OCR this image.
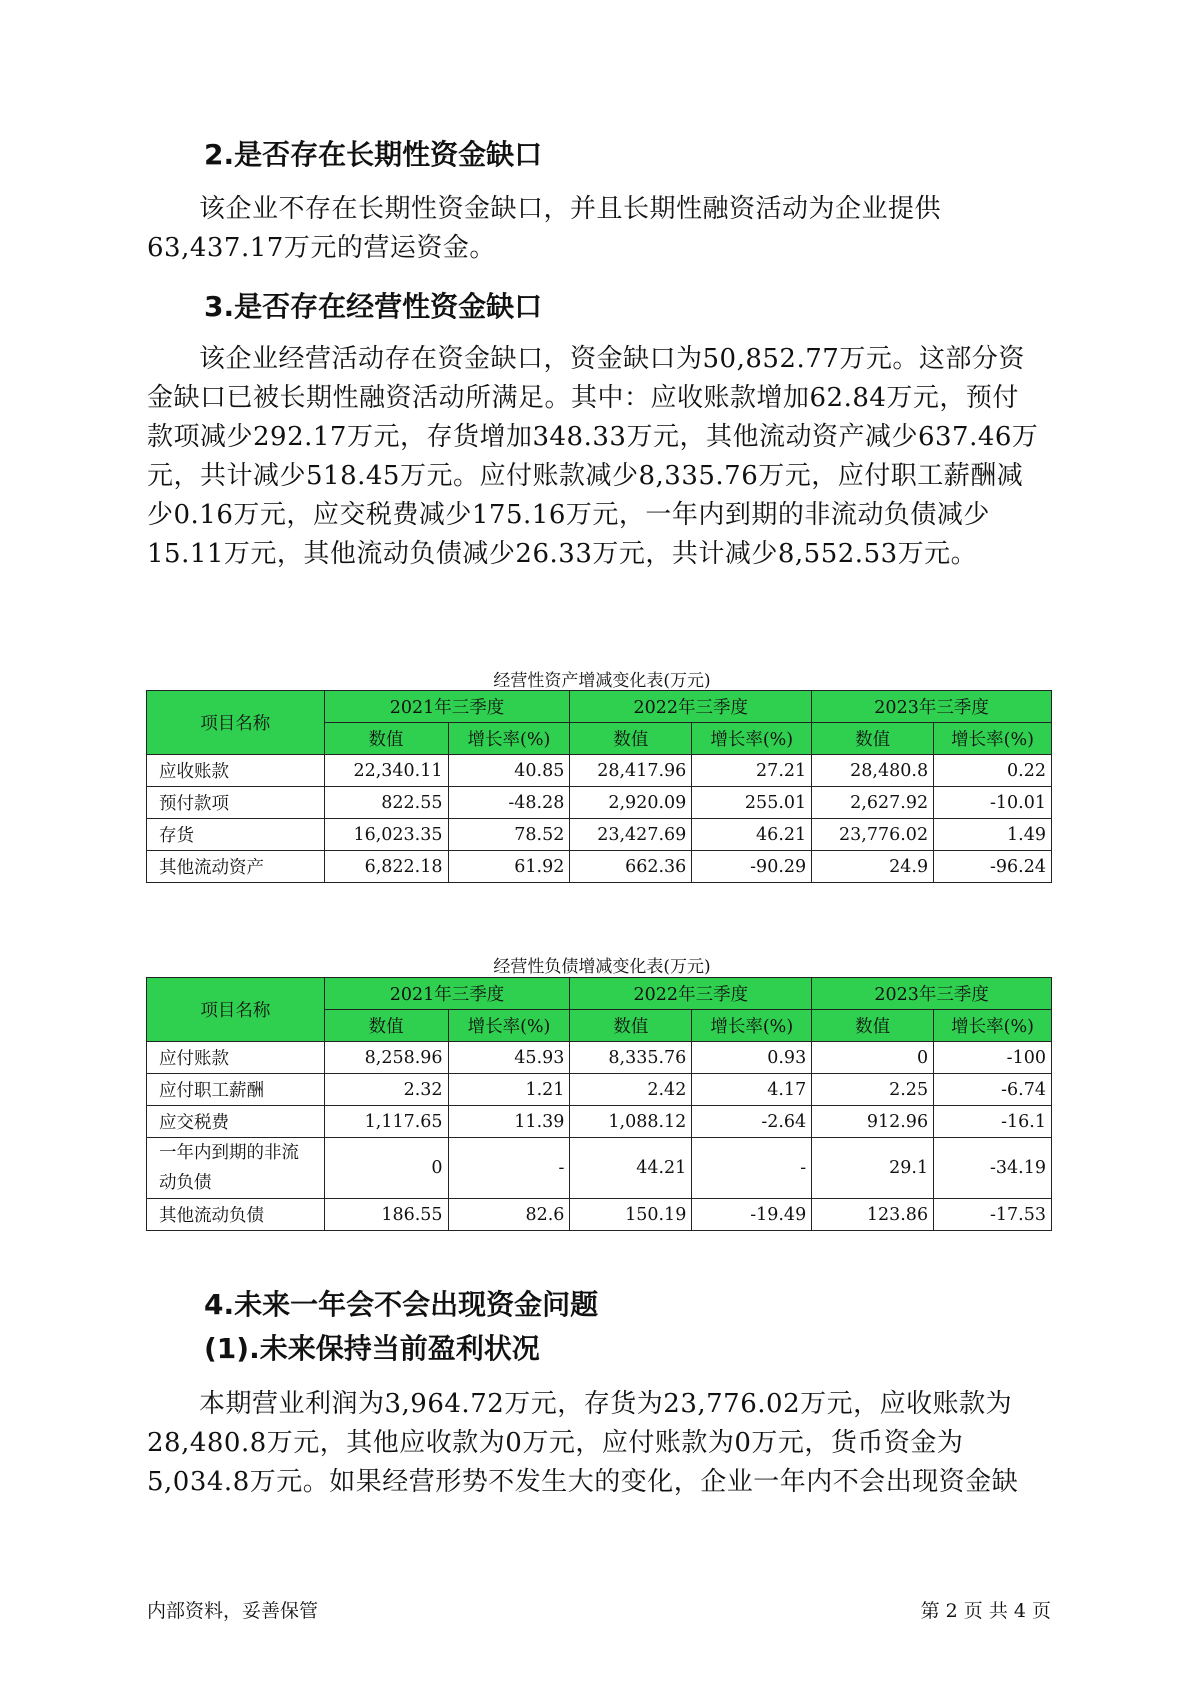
2.是否存在长期性资金缺口

该企业不存在长期性资金缺口，并且长期性融资活动为企业提供
63,437.17万元的营运资金。

3.是否存在经营性资金缺口

该企业经营活动存在资金缺口，资金缺口为50,852.77万元。这部分资
金缺口已被长期性融资活动所满足。其中：应收账款增加62.84万元，预付
款项减少292.17万元，存货增加348.33万元，其他流动资产减少637.46万
元，共计减少518.45万元。应付账款减少8,335.76万元，应付职工薪酬减
少0.16万元，应交税费减少175.16万元，一年内到期的非流动负债减少
15.11万元，其他流动负债减少26.33万元，共计减少8,552.53万元。

经营性资产增减变化表(万元)
项目名称	2021年三季度		2022年三季度		2023年三季度	
	数值	增长率(%)	数值	增长率(%)	数值	增长率(%)
应收账款	22,340.11	40.85	28,417.96	27.21	28,480.8	0.22
预付款项	822.55	-48.28	2,920.09	255.01	2,627.92	-10.01
存货	16,023.35	78.52	23,427.69	46.21	23,776.02	1.49
其他流动资产	6,822.18	61.92	662.36	-90.29	24.9	-96.24
经营性负债增减变化表(万元)
项目名称	2021年三季度		2022年三季度		2023年三季度	
	数值	增长率(%)	数值	增长率(%)	数值	增长率(%)
应付账款	8,258.96	45.93	8,335.76	0.93	0	-100
应付职工薪酬	2.32	1.21	2.42	4.17	2.25	-6.74
应交税费	1,117.65	11.39	1,088.12	-2.64	912.96	-16.1
一年内到期的非流
动负债	0	-	44.21	-	29.1	-34.19
其他流动负债	186.55	82.6	150.19	-19.49	123.86	-17.53
4.未来一年会不会出现资金问题
(1).未来保持当前盈利状况

本期营业利润为3,964.72万元，存货为23,776.02万元，应收账款为
28,480.8万元，其他应收款为0万元，应付账款为0万元，货币资金为
5,034.8万元。如果经营形势不发生大的变化，企业一年内不会出现资金缺

内部资料，妥善保管	第 2 页 共 4 页
